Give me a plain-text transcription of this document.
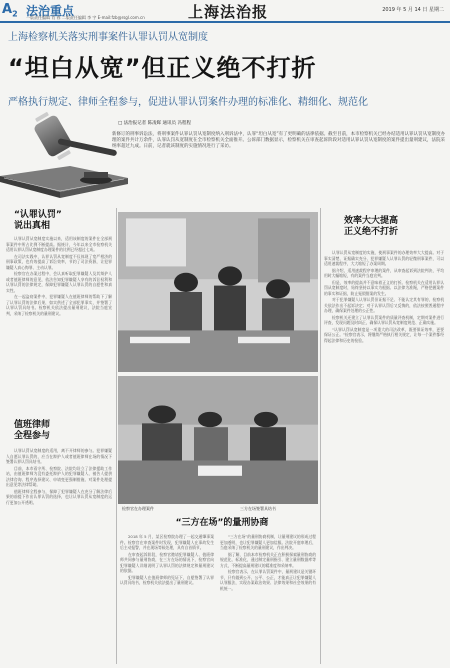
$A_2$ 法治重点
一版责任编辑 肖 春 二版责任编辑 李 宇 E-mail:fzb@rsgl.com.cn	上海法治报	2019 年 5 月 14 日 星期二
上海检察机关落实刑事案件认罪认罚从宽制度
“坦白从宽”但正义绝不打折
严格执行规定、律师全程参与，促进认罪认罚案件办理的标准化、精细化、规范化
□ 法治报记者 陈凌晖 通讯员 冯程程

新修订的刑事诉讼法，将刑事案件认罪认罚从宽制度纳入刑诉法中，认罪“坦白从宽”有了更明确的法律依据。截至目前，本市检察机关已经办结适用认罪认罚从宽制度办理的案件共计万余件，认罪认罚从宽制度在全市检察机关全面推开。公诉部门数据显示，检察机关在审查起诉阶段对适用认罪认罚从宽制度的案件提出量刑建议，法院采纳率超过九成。日前，记者就该制度的实施情况进行了采访。

“认罪认罚”
说出真相

认罪认罚从宽制度实施以来，适用该制度的案件在全部刑事案件中所占比例不断提高。据统计，今年以来全市检察机关适用认罪认罚从宽制度办理案件的比例已经超过七成。

在司法实践中，认罪认罚从宽制度不仅体现了宽严相济的刑事政策，也有效提高了诉讼效率，节约了司法资源，让犯罪嫌疑人真心悔罪、主动认罪。

检察官在办案过程中，会认真听取犯罪嫌疑人及其辩护人或者值班律师的意见，依法告知犯罪嫌疑人享有的诉讼权利和认罪认罚的法律规定，保障犯罪嫌疑人认罪认罚的自愿性和真实性。

在一起盗窃案件中，犯罪嫌疑人在值班律师的帮助下了解了认罪认罚的法律后果，如实供述了全部犯罪事实，并签署了认罪认罚具结书。检察机关依法提出量刑建议，法院当庭宣判，采纳了检察机关的量刑建议。

值班律师
全程参与

认罪认罚从宽制度的适用，离不开律师的参与。犯罪嫌疑人自愿认罪认罚的，应当在辩护人或者值班律师在场的情况下签署认罪认罚具结书。

目前，本市看守所、检察院、法院均设立了法律援助工作站，由值班律师为没有委托辩护人的犯罪嫌疑人、被告人提供法律咨询、程序选择建议、申请变更强制措施、对案件处理提出意见等法律帮助。

值班律师全程参与，保障了犯罪嫌疑人在充分了解法律后果的前提下作出认罪认罚的选择，也让认罪认罚从宽制度的运行更加公开透明。

检察官在办理案件	三方在场签署具结书
“三方在场”的量刑协商

2018 年 5 月，某区检察院办理了一起交通肇事案件。检察官在审查案件时发现，犯罪嫌疑人在事故发生后主动报警，并在现场等候处理，具有自首情节。

在审查起诉阶段，检察官邀请犯罪嫌疑人、值班律师共同参与量刑协商，在三方在场的情况下，检察官向犯罪嫌疑人详细说明了认罪认罚的法律规定和量刑建议的依据。

犯罪嫌疑人在值班律师的见证下，自愿签署了认罪认罚具结书，检察机关依法提出了量刑建议。

“三方在场”的量刑协商机制，让量刑建议的形成过程更加透明，也让犯罪嫌疑人更加信服。法院开庭审理后，当庭采纳了检察机关的量刑建议，作出判决。

据了解，目前本市检察机关正在积极探索量刑协商的规范化、标准化，通过制定量刑指引、建立量刑数据库等方式，不断提高量刑建议的精准度和采纳率。

检察官表示，在认罪认罚案件中，量刑建议是关键环节，只有做到公开、公平、公正，才能真正让犯罪嫌疑人认罪服法，实现办案政治效果、法律效果和社会效果的有机统一。

效率大大提高
正义绝不打折

认罪认罚从宽制度的实施，使刑事案件的办理效率大大提高。对于事实清楚、证据确实充分、犯罪嫌疑人认罪认罚的轻微刑事案件，可以适用速裁程序，大大缩短了办案周期。

据介绍，适用速裁程序审理的案件，从审查起诉到法院判决，平均用时大幅缩短，有的案件当庭宣判。

但是，效率的提高并不意味着正义的打折。检察机关在适用认罪认罚从宽制度时，始终坚持以事实为根据、以法律为准绳，严格把握案件的事实和证据，防止冤假错案的发生。

对于犯罪嫌疑人认罪认罚但证据不足、不能认定其有罪的，检察机关依法作出不起诉决定；对于认罪认罚后又反悔的，依法按照普通程序办理，确保案件处理的公正性。

检察机关还建立了认罪认罚案件的质量评查机制，定期对案件进行评查，发现问题及时纠正，确保认罪认罚从宽制度规范、正确实施。

“认罪认罚从宽制度是一项重大的司法改革，既要保证效率，更要保证公正。”检察官表示，将继续严格执行相关规定，让每一个案件都经得起法律和历史的检验。
